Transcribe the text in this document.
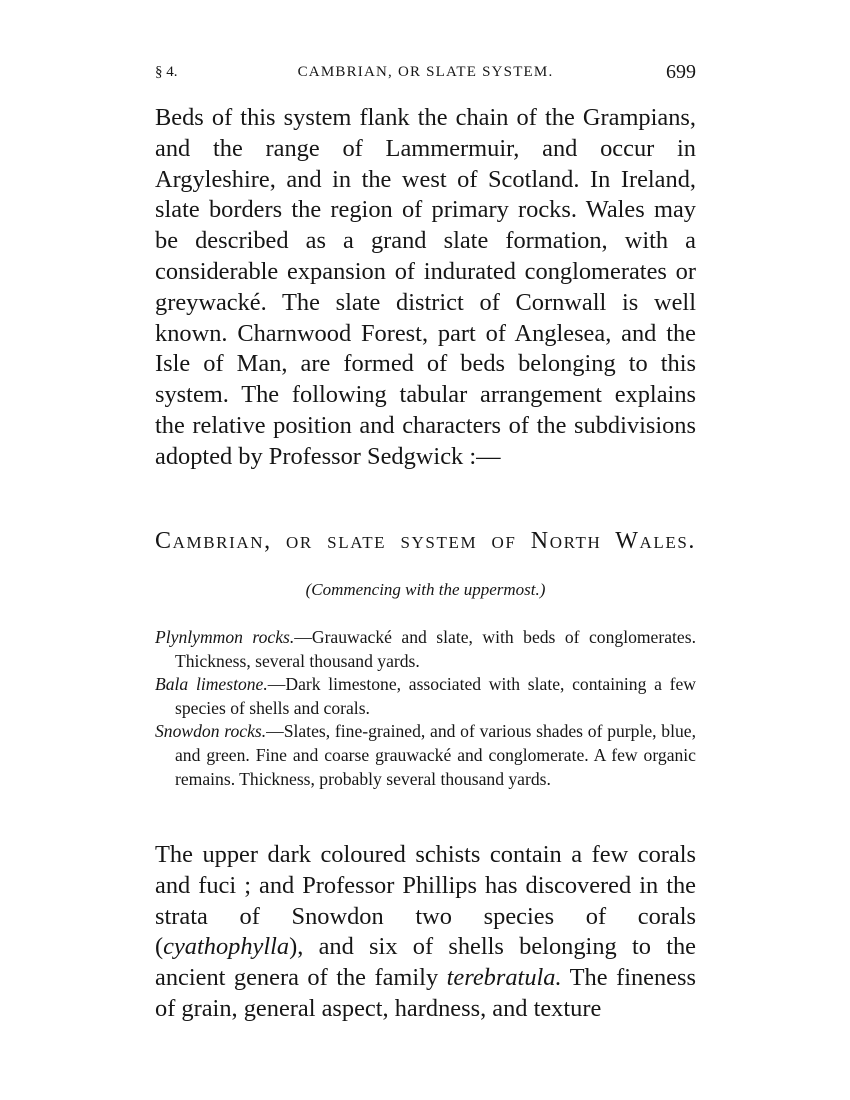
§ 4.	CAMBRIAN, OR SLATE SYSTEM.	699

Beds of this system flank the chain of the Grampians, and the range of Lammermuir, and occur in Argyleshire, and in the west of Scotland. In Ireland, slate borders the region of primary rocks. Wales may be described as a grand slate formation, with a considerable expansion of indurated conglomerates or greywacké. The slate district of Cornwall is well known. Charnwood Forest, part of Anglesea, and the Isle of Man, are formed of beds belonging to this system. The following tabular arrangement explains the relative position and characters of the subdivisions adopted by Professor Sedgwick :—

Cambrian, or slate system of North Wales.

(Commencing with the uppermost.)

Plynlymmon rocks.—Grauwacké and slate, with beds of conglomerates. Thickness, several thousand yards.
Bala limestone.—Dark limestone, associated with slate, containing a few species of shells and corals.
Snowdon rocks.—Slates, fine-grained, and of various shades of purple, blue, and green. Fine and coarse grauwacké and conglomerate. A few organic remains. Thickness, probably several thousand yards.

The upper dark coloured schists contain a few corals and fuci ; and Professor Phillips has discovered in the strata of Snowdon two species of corals (cyathophylla), and six of shells belonging to the ancient genera of the family terebratula. The fineness of grain, general aspect, hardness, and texture
